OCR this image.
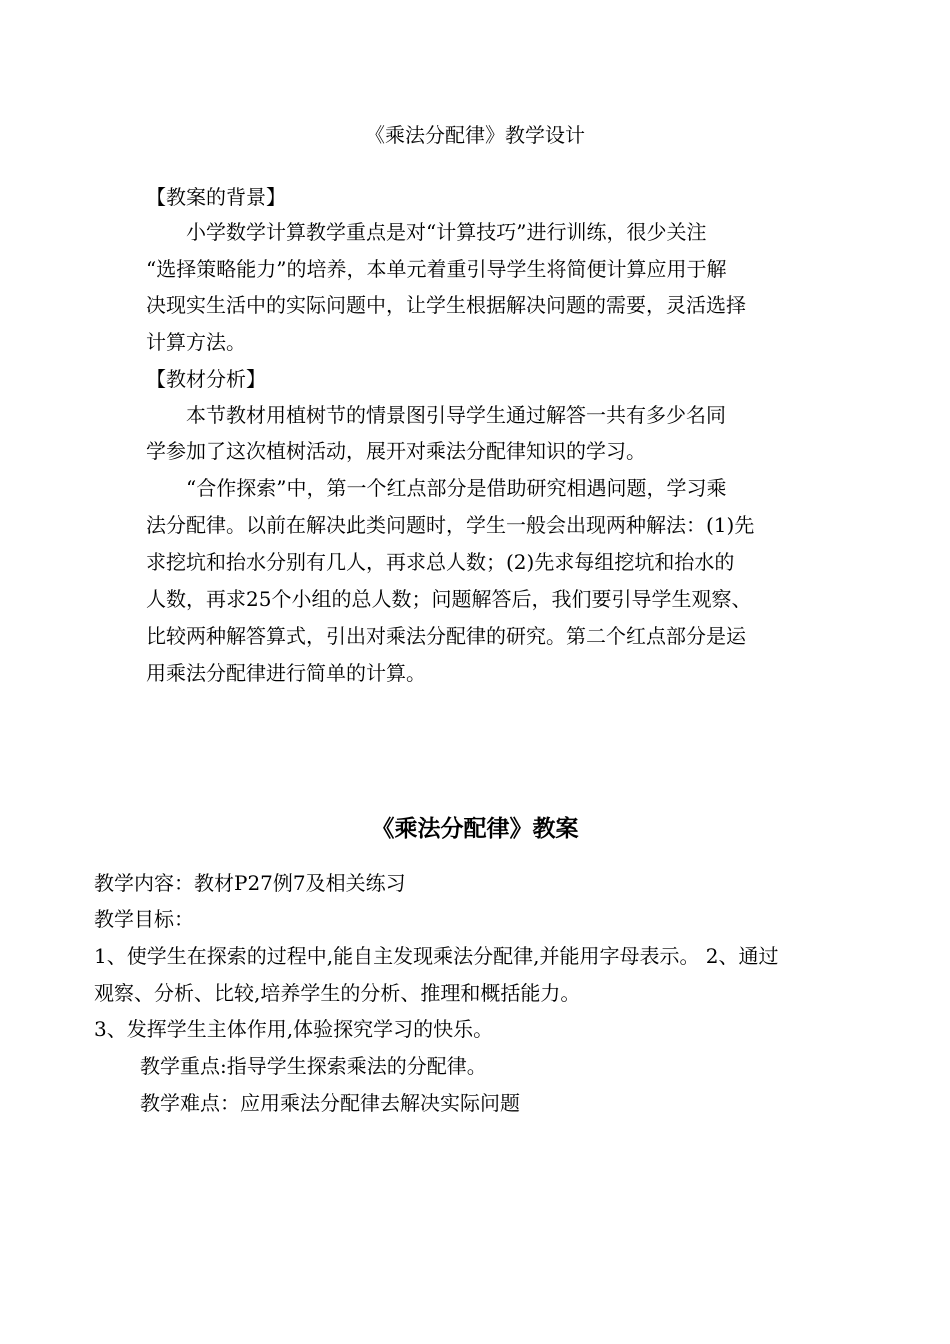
《乘法分配律》教学设计
【教案的背景】
小学数学计算教学重点是对“计算技巧”进行训练，很少关注
“选择策略能力”的培养，本单元着重引导学生将简便计算应用于解
决现实生活中的实际问题中，让学生根据解决问题的需要，灵活选择
计算方法。
【教材分析】
本节教材用植树节的情景图引导学生通过解答一共有多少名同
学参加了这次植树活动，展开对乘法分配律知识的学习。
“合作探索”中，第一个红点部分是借助研究相遇问题，学习乘
法分配律。以前在解决此类问题时，学生一般会出现两种解法：(1)先
求挖坑和抬水分别有几人，再求总人数；(2)先求每组挖坑和抬水的
人数，再求25个小组的总人数；问题解答后，我们要引导学生观察、
比较两种解答算式，引出对乘法分配律的研究。第二个红点部分是运
用乘法分配律进行简单的计算。
《乘法分配律》教案
教学内容：教材P27例7及相关练习
教学目标：
1、使学生在探索的过程中,能自主发现乘法分配律,并能用字母表示。 2、通过
观察、分析、比较,培养学生的分析、推理和概括能力。
3、发挥学生主体作用,体验探究学习的快乐。
教学重点:指导学生探索乘法的分配律。
教学难点：应用乘法分配律去解决实际问题
